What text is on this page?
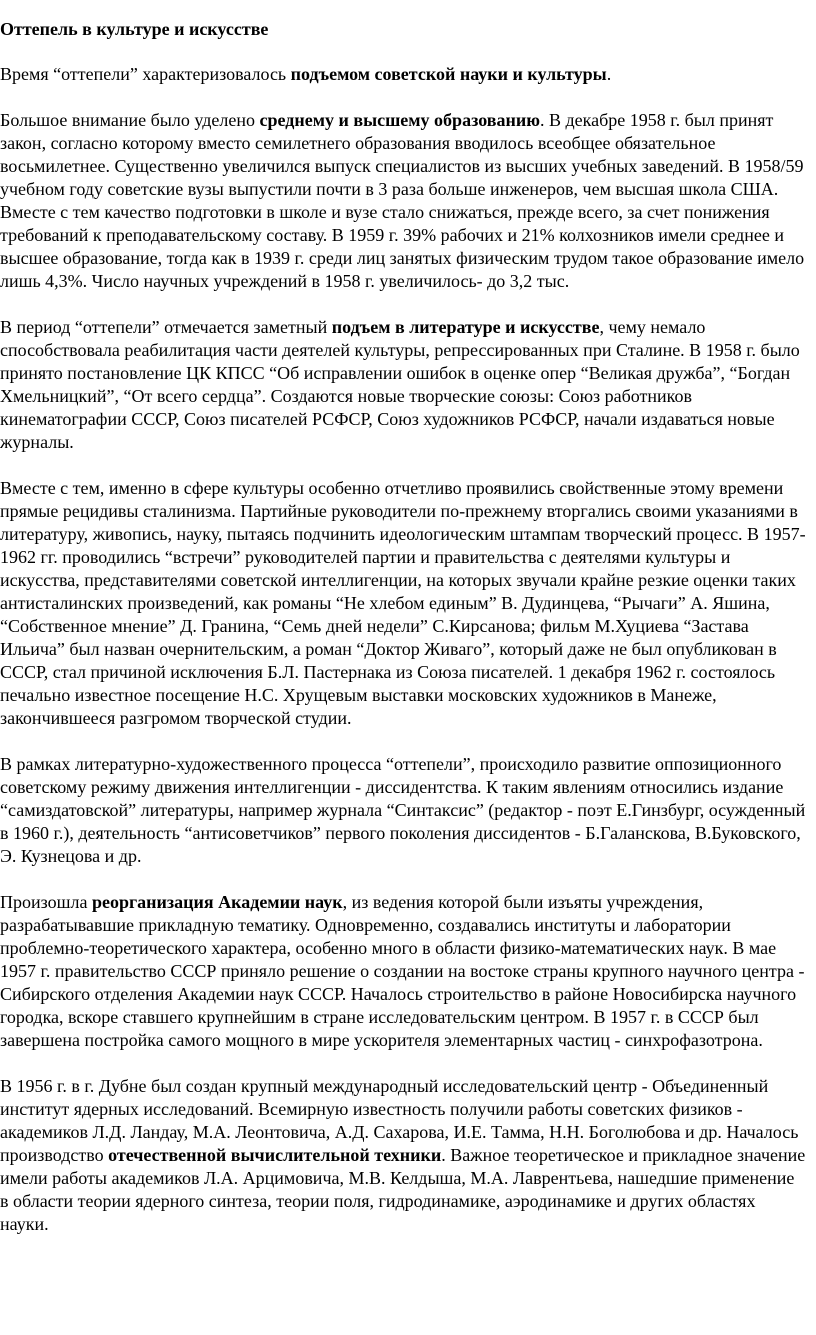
Оттепель в культуре и искусстве

Время “оттепели” характеризовалось подъемом советской науки и культуры.

Большое внимание было уделено среднему и высшему образованию. В декабре 1958 г. был принят закон, согласно которому вместо семилетнего образования вводилось всеобщее обязательное восьмилетнее. Существенно увеличился выпуск специалистов из высших учебных заведений. В 1958/59 учебном году советские вузы выпустили почти в 3 раза больше инженеров, чем высшая школа США. Вместе с тем качество подготовки в школе и вузе стало снижаться, прежде всего, за счет понижения требований к преподавательскому составу. В 1959 г. 39% рабочих и 21% колхозников имели среднее и высшее образование, тогда как в 1939 г. среди лиц занятых физическим трудом такое образование имело лишь 4,3%. Число научных учреждений в 1958 г. увеличилось- до 3,2 тыс.

В период “оттепели” отмечается заметный подъем в литературе и искусстве, чему немало способствовала реабилитация части деятелей культуры, репрессированных при Сталине. В 1958 г. было принято постановление ЦК КПСС “Об исправлении ошибок в оценке опер “Великая дружба”, “Богдан Хмельницкий”, “От всего сердца”. Создаются новые творческие союзы: Союз работников кинематографии СССР, Союз писателей РСФСР, Союз художников РСФСР, начали издаваться новые журналы.

Вместе с тем, именно в сфере культуры особенно отчетливо проявились свойственные этому времени прямые рецидивы сталинизма. Партийные руководители по-прежнему вторгались своими указаниями в литературу, живопись, науку, пытаясь подчинить идеологическим штампам творческий процесс. В 1957-1962 гг. проводились “встречи” руководителей партии и правительства с деятелями культуры и искусства, представителями советской интеллигенции, на которых звучали крайне резкие оценки таких антисталинских произведений, как романы “Не хлебом единым” В. Дудинцева, “Рычаги” А. Яшина, “Собственное мнение” Д. Гранина, “Семь дней недели” С.Кирсанова; фильм М.Хуциева “Застава Ильича” был назван очернительским, а роман “Доктор Живаго”, который даже не был опубликован в СССР, стал причиной исключения Б.Л. Пастернака из Союза писателей. 1 декабря 1962 г. состоялось печально известное посещение Н.С. Хрущевым выставки московских художников в Манеже, закончившееся разгромом творческой студии.

В рамках литературно-художественного процесса “оттепели”, происходило развитие оппозиционного советскому режиму движения интеллигенции - диссидентства. К таким явлениям относились издание “самиздатовской” литературы, например журнала “Синтаксис” (редактор - поэт Е.Гинзбург, осужденный в 1960 г.), деятельность “антисоветчиков” первого поколения диссидентов - Б.Галанскова, В.Буковского, Э. Кузнецова и др.

Произошла реорганизация Академии наук, из ведения которой были изъяты учреждения, разрабатывавшие прикладную тематику. Одновременно, создавались институты и лаборатории проблемно-теоретического характера, особенно много в области физико-математических наук. В мае 1957 г. правительство СССР приняло решение о создании на востоке страны крупного научного центра - Сибирского отделения Академии наук СССР. Началось строительство в районе Новосибирска научного городка, вскоре ставшего крупнейшим в стране исследовательским центром. В 1957 г. в СССР был завершена постройка самого мощного в мире ускорителя элементарных частиц - синхрофазотрона.

В 1956 г. в г. Дубне был создан крупный международный исследовательский центр - Объединенный институт ядерных исследований. Всемирную известность получили работы советских физиков - академиков Л.Д. Ландау, М.А. Леонтовича, А.Д. Сахарова, И.Е. Тамма, Н.Н. Боголюбова и др. Началось производство отечественной вычислительной техники. Важное теоретическое и прикладное значение имели работы академиков Л.А. Арцимовича, М.В. Келдыша, М.А. Лаврентьева, нашедшие применение в области теории ядерного синтеза, теории поля, гидродинамике, аэродинамике и других областях науки.
